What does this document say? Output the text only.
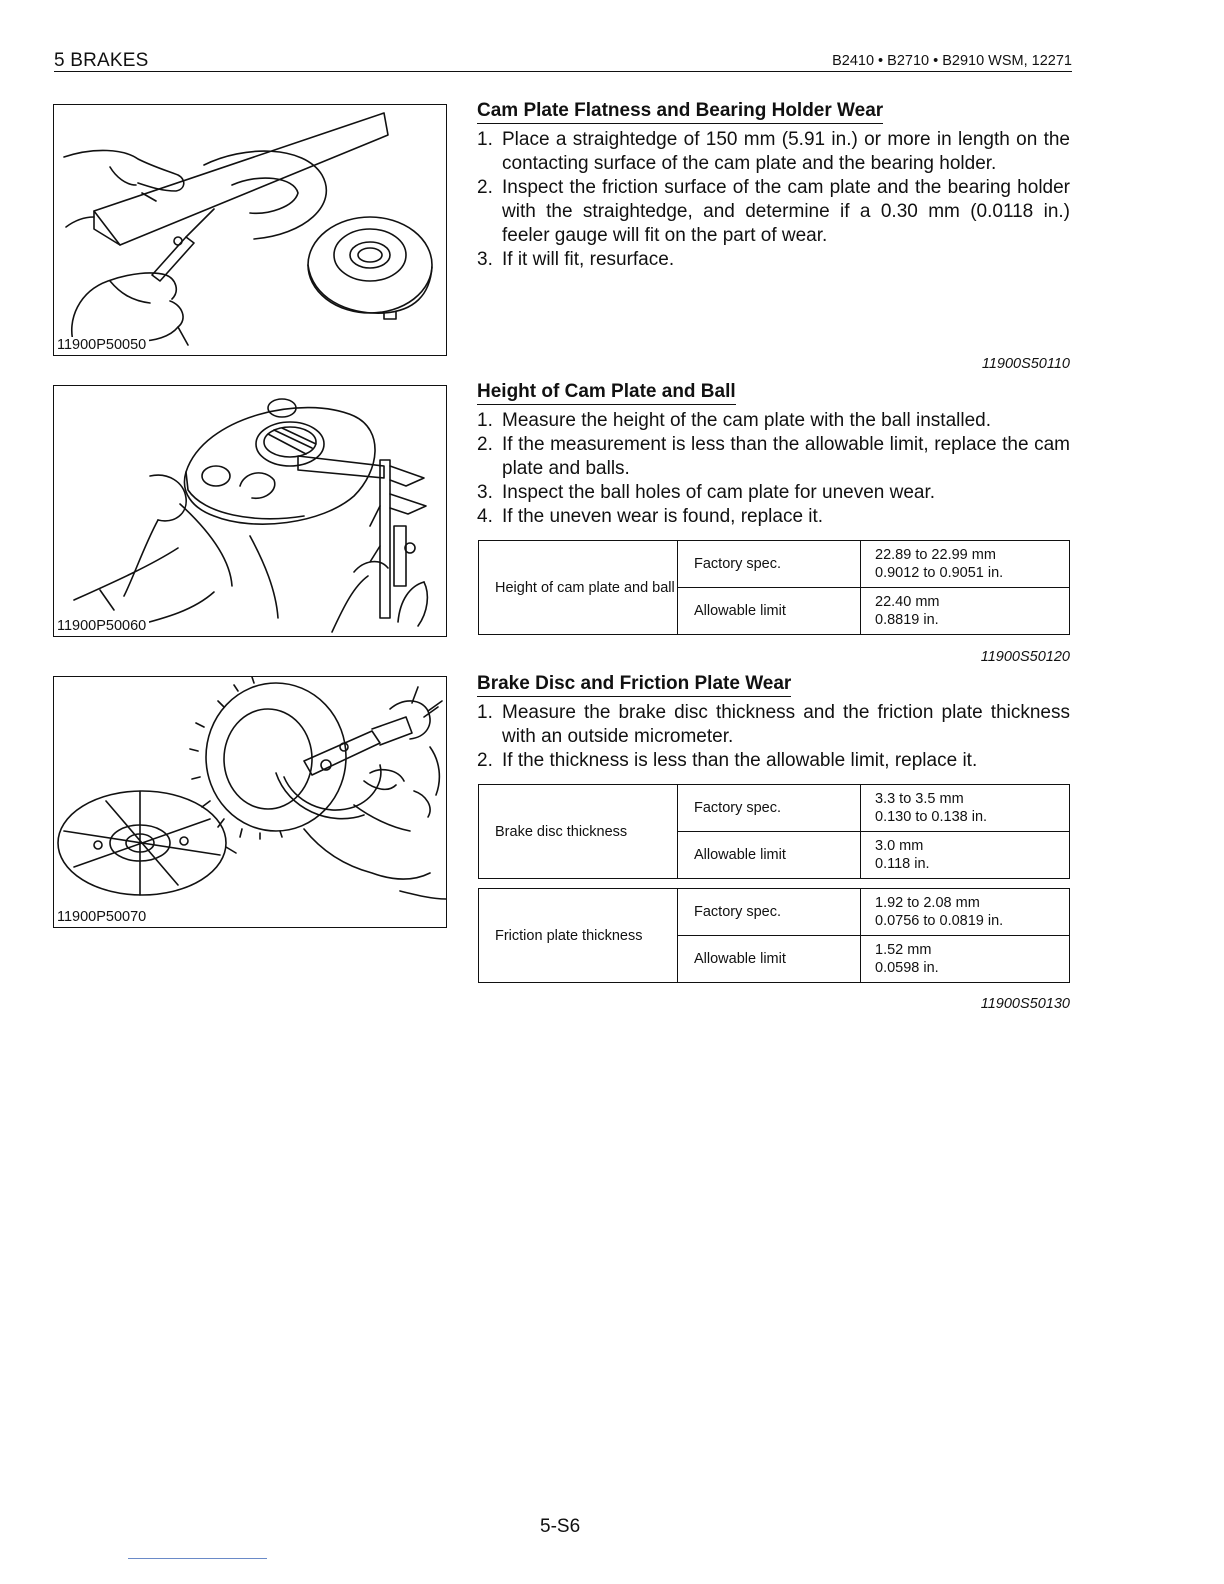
5 BRAKES	B2410 • B2710 • B2910 WSM, 12271
11900P50050
11900P50060
11900P50070
Cam Plate Flatness and Bearing Holder Wear
1. Place a straightedge of 150 mm (5.91 in.) or more in length on the contacting surface of the cam plate and the bearing holder.
2. Inspect the friction surface of the cam plate and the bearing holder with the straightedge, and determine if a 0.30 mm (0.0118 in.) feeler gauge will fit on the part of wear.
3. If it will fit, resurface.
11900S50110
Height of Cam Plate and Ball
1. Measure the height of the cam plate with the ball installed.
2. If the measurement is less than the allowable limit, replace the cam plate and balls.
3. Inspect the ball holes of cam plate for uneven wear.
4. If the uneven wear is found, replace it.
Height of cam plate and ball	Factory spec.	22.89 to 22.99 mm
0.9012 to 0.9051 in.

	Allowable limit	22.40 mm
0.8819 in.
11900S50120
Brake Disc and Friction Plate Wear
1. Measure the brake disc thickness and the friction plate thickness with an outside micrometer.
2. If the thickness is less than the allowable limit, replace it.
Brake disc thickness	Factory spec.	3.3 to 3.5 mm
0.130 to 0.138 in.

	Allowable limit	3.0 mm
0.118 in.
Friction plate thickness	Factory spec.	1.92 to 2.08 mm
0.0756 to 0.0819 in.

	Allowable limit	1.52 mm
0.0598 in.
11900S50130
5-S6
